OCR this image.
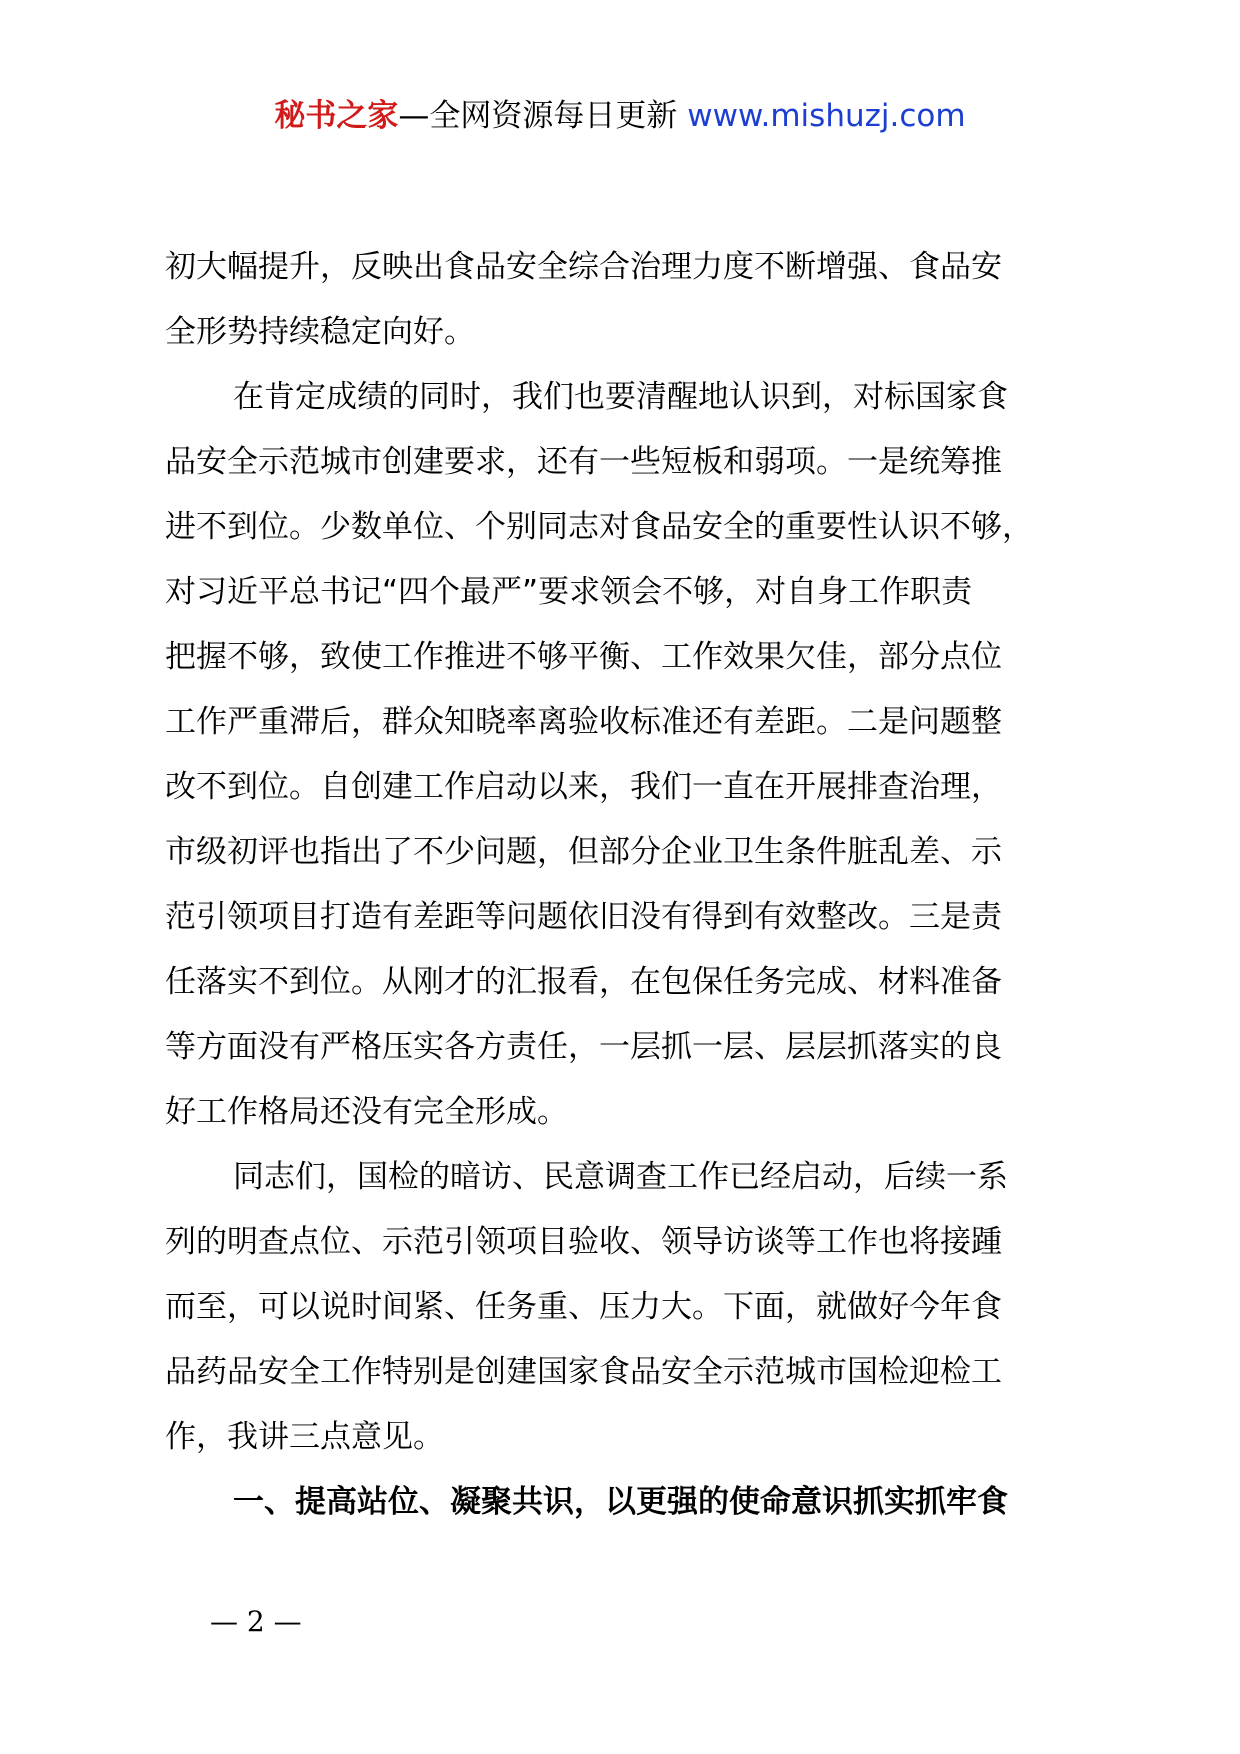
秘书之家—全网资源每日更新 www.mishuzj.com
初大幅提升，反映出食品安全综合治理力度不断增强、食品安
全形势持续稳定向好。
在肯定成绩的同时，我们也要清醒地认识到，对标国家食
品安全示范城市创建要求，还有一些短板和弱项。一是统筹推
进不到位。少数单位、个别同志对食品安全的重要性认识不够，
对习近平总书记“四个最严”要求领会不够，对自身工作职责
把握不够，致使工作推进不够平衡、工作效果欠佳，部分点位
工作严重滞后，群众知晓率离验收标准还有差距。二是问题整
改不到位。自创建工作启动以来，我们一直在开展排查治理，
市级初评也指出了不少问题，但部分企业卫生条件脏乱差、示
范引领项目打造有差距等问题依旧没有得到有效整改。三是责
任落实不到位。从刚才的汇报看，在包保任务完成、材料准备
等方面没有严格压实各方责任，一层抓一层、层层抓落实的良
好工作格局还没有完全形成。
同志们，国检的暗访、民意调查工作已经启动，后续一系
列的明查点位、示范引领项目验收、领导访谈等工作也将接踵
而至，可以说时间紧、任务重、压力大。下面，就做好今年食
品药品安全工作特别是创建国家食品安全示范城市国检迎检工
作，我讲三点意见。
一、提高站位、凝聚共识，以更强的使命意识抓实抓牢食
— 2 —
